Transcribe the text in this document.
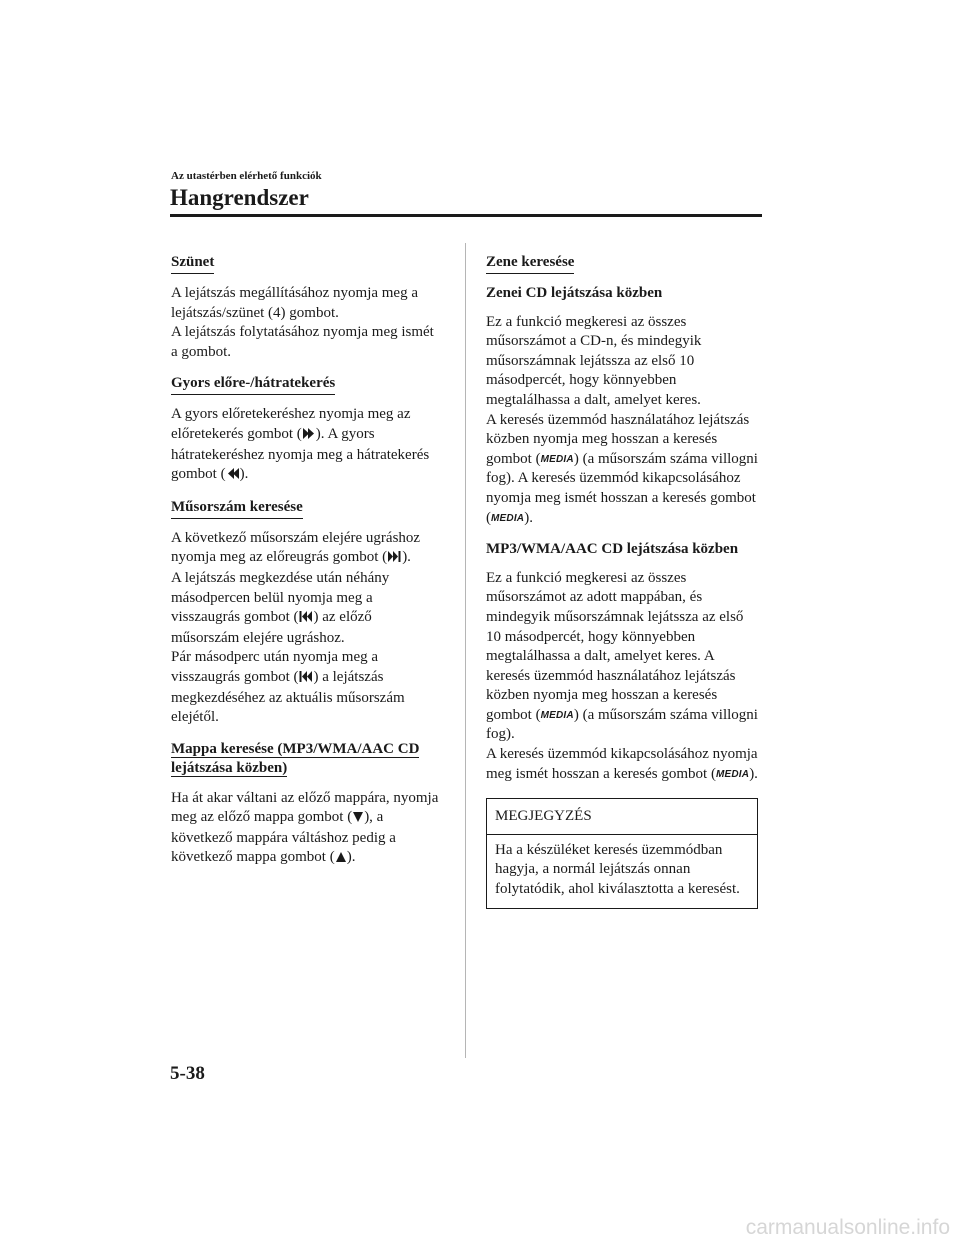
Az utastérben elérhető funkciók
Hangrendszer
Szünet

A lejátszás megállításához nyomja meg a lejátszás/szünet (4) gombot.

A lejátszás folytatásához nyomja meg ismét a gombot.

Gyors előre-/hátratekerés

A gyors előretekeréshez nyomja meg az előretekerés gombot ( ). A gyors hátratekeréshez nyomja meg a hátratekerés gombot ( ).

Műsorszám keresése

A következő műsorszám elejére ugráshoz nyomja meg az előreugrás gombot ( ).

A lejátszás megkezdése után néhány másodpercen belül nyomja meg a visszaugrás gombot ( ) az előző műsorszám elejére ugráshoz.

Pár másodperc után nyomja meg a visszaugrás gombot ( ) a lejátszás megkezdéséhez az aktuális műsorszám elejétől.

Mappa keresése (MP3/WMA/AAC CD lejátszása közben)

Ha át akar váltani az előző mappára, nyomja meg az előző mappa gombot ( ), a következő mappára váltáshoz pedig a következő mappa gombot ( ).

Zene keresése
Zenei CD lejátszása közben

Ez a funkció megkeresi az összes műsorszámot a CD-n, és mindegyik műsorszámnak lejátssza az első 10 másodpercét, hogy könnyebben megtalálhassa a dalt, amelyet keres.

A keresés üzemmód használatához lejátszás közben nyomja meg hosszan a keresés gombot (MEDIA) (a műsorszám száma villogni fog). A keresés üzemmód kikapcsolásához nyomja meg ismét hosszan a keresés gombot (MEDIA).

MP3/WMA/AAC CD lejátszása közben

Ez a funkció megkeresi az összes műsorszámot az adott mappában, és mindegyik műsorszámnak lejátssza az első 10 másodpercét, hogy könnyebben megtalálhassa a dalt, amelyet keres. A keresés üzemmód használatához lejátszás közben nyomja meg hosszan a keresés gombot (MEDIA) (a műsorszám száma villogni fog).

A keresés üzemmód kikapcsolásához nyomja meg ismét hosszan a keresés gombot (MEDIA).

MEGJEGYZÉS
Ha a készüléket keresés üzemmódban hagyja, a normál lejátszás onnan folytatódik, ahol kiválasztotta a keresést.
5-38
carmanualsonline.info
